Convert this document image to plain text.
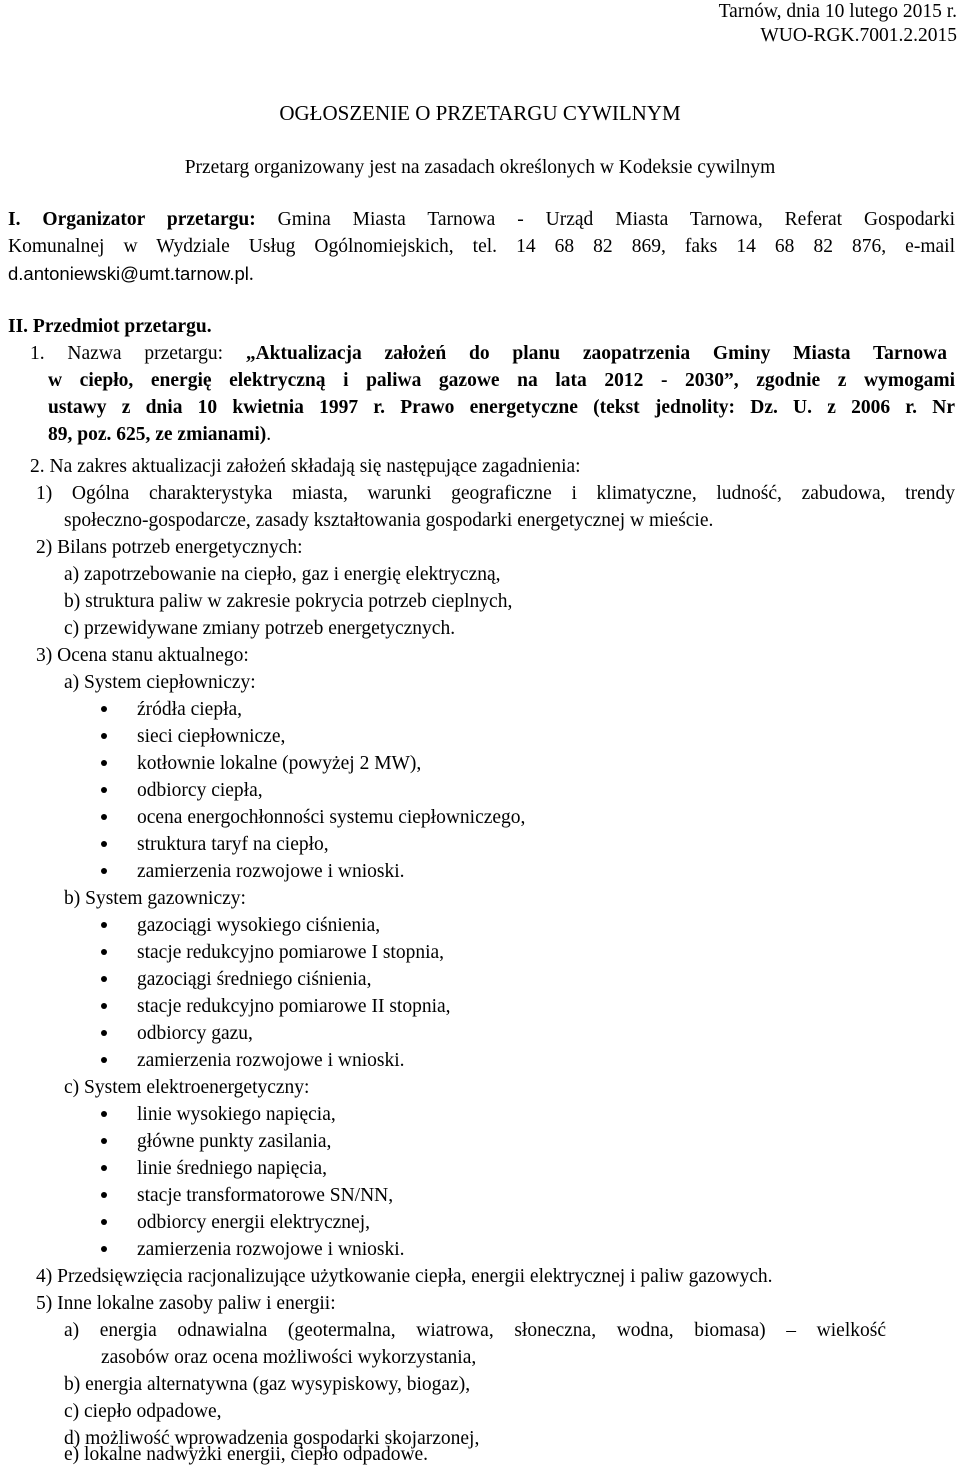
Tarnów, dnia 10 lutego 2015 r.
WUO-RGK.7001.2.2015
OGŁOSZENIE O PRZETARGU CYWILNYM
Przetarg organizowany jest na zasadach określonych w Kodeksie cywilnym
I. Organizator przetargu: Gmina Miasta Tarnowa - Urząd Miasta Tarnowa, Referat Gospodarki
Komunalnej w Wydziale Usług Ogólnomiejskich, tel. 14 68 82 869, faks 14 68 82 876, e-mail
d.antoniewski@umt.tarnow.pl.
II. Przedmiot przetargu.
1. Nazwa przetargu: „Aktualizacja założeń do planu zaopatrzenia Gminy Miasta Tarnowa
w ciepło, energię elektryczną i paliwa gazowe na lata 2012 - 2030”, zgodnie z wymogami
ustawy z dnia 10 kwietnia 1997 r. Prawo energetyczne (tekst jednolity: Dz. U. z 2006 r. Nr
89, poz. 625, ze zmianami).
2. Na zakres aktualizacji założeń składają się następujące zagadnienia:
1) Ogólna charakterystyka miasta, warunki geograficzne i klimatyczne, ludność, zabudowa, trendy
społeczno-gospodarcze, zasady kształtowania gospodarki energetycznej w mieście.
2) Bilans potrzeb energetycznych:
a) zapotrzebowanie na ciepło, gaz i energię elektryczną,
b) struktura paliw w zakresie pokrycia potrzeb cieplnych,
c) przewidywane zmiany potrzeb energetycznych.
3) Ocena stanu aktualnego:
a) System ciepłowniczy:
źródła ciepła,
sieci ciepłownicze,
kotłownie lokalne (powyżej 2 MW),
odbiorcy ciepła,
ocena energochłonności systemu ciepłowniczego,
struktura taryf na ciepło,
zamierzenia rozwojowe i wnioski.
b) System gazowniczy:
gazociągi wysokiego ciśnienia,
stacje redukcyjno pomiarowe I stopnia,
gazociągi średniego ciśnienia,
stacje redukcyjno pomiarowe II stopnia,
odbiorcy gazu,
zamierzenia rozwojowe i wnioski.
c) System elektroenergetyczny:
linie wysokiego napięcia,
główne punkty zasilania,
linie średniego napięcia,
stacje transformatorowe SN/NN,
odbiorcy energii elektrycznej,
zamierzenia rozwojowe i wnioski.
4) Przedsięwzięcia racjonalizujące użytkowanie ciepła, energii elektrycznej i paliw gazowych.
5) Inne lokalne zasoby paliw i energii:
a) energia odnawialna (geotermalna, wiatrowa, słoneczna, wodna, biomasa) – wielkość
zasobów oraz ocena możliwości wykorzystania,
b) energia alternatywna (gaz wysypiskowy, biogaz),
c) ciepło odpadowe,
d) możliwość wprowadzenia gospodarki skojarzonej,
e) lokalne nadwyżki energii, ciepło odpadowe.
